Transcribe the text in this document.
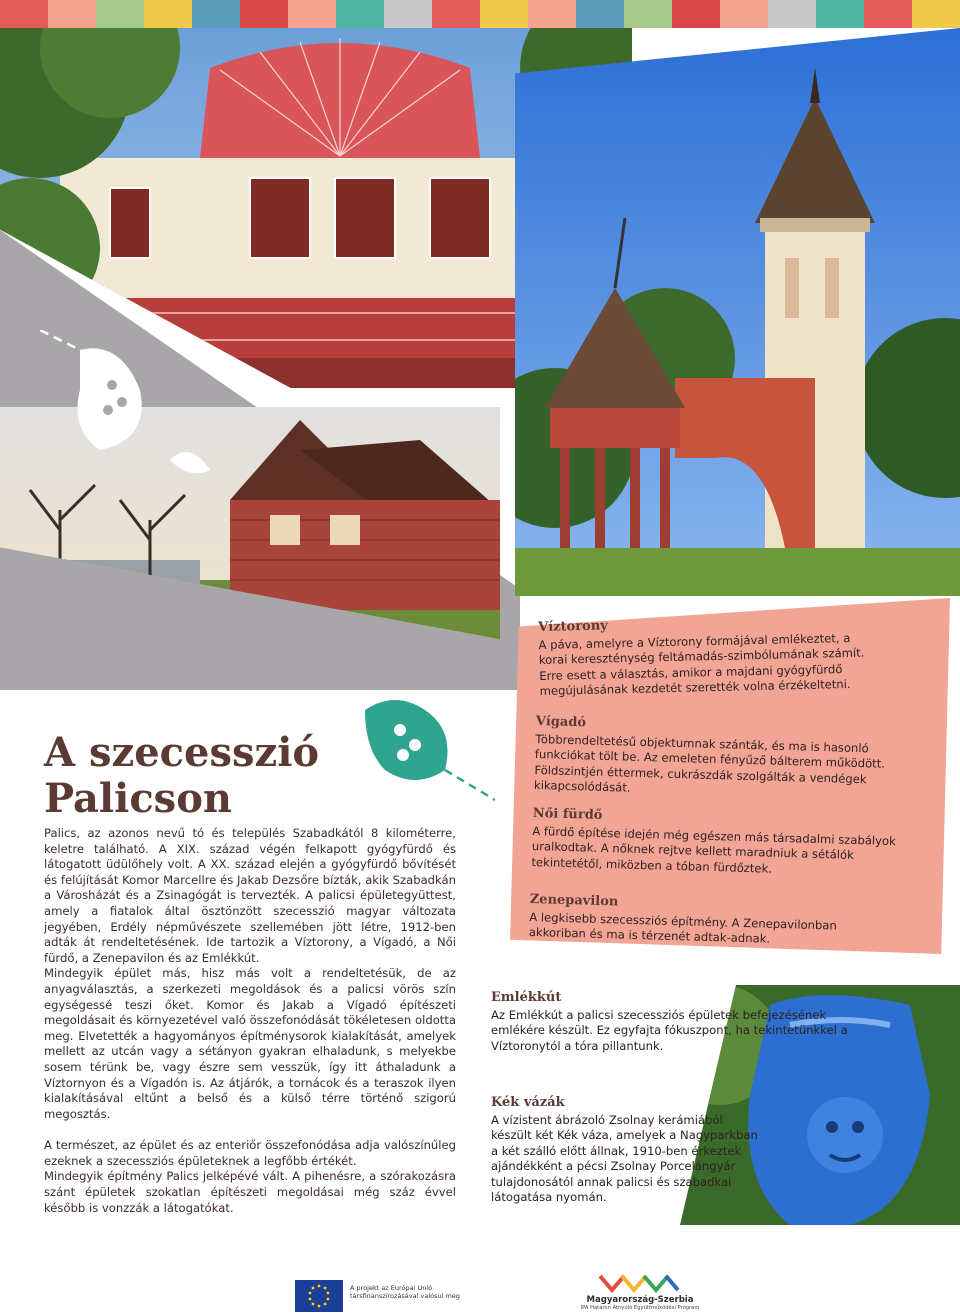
A szecesszió
Palicson

Palics, az azonos nevű tó és település Szabadkától 8 kilométerre, keletre található. A XIX. század végén felkapott gyógyfürdő és látogatott üdülőhely volt. A XX. század elején a gyógyfürdő bővítését és felújítását Komor Marcellre és Jakab Dezsőre bízták, akik Szabadkán a Városházát és a Zsinagógát is tervezték. A palicsi épületegyüttest, amely a fiatalok által ösztönzött szecesszió magyar változata jegyében, Erdély népművészete szellemében jött létre, 1912-ben adták át rendeltetésének. Ide tartozik a Víztorony, a Vígadó, a Női fürdő, a Zenepavilon és az Emlékkút.

Mindegyik épület más, hisz más volt a rendeltetésük, de az anyagválasztás, a szerkezeti megoldások és a palicsi vörös szín egységessé teszi őket. Komor és Jakab a Vígadó építészeti megoldásait és környezetével való összefonódását tökéletesen oldotta meg. Elvetették a hagyományos építménysorok kialakítását, amelyek mellett az utcán vagy a sétányon gyakran elhaladunk, s melyekbe sosem térünk be, vagy észre sem vesszük, így itt áthaladunk a Víztornyon és a Vígadón is. Az átjárók, a tornácok és a teraszok ilyen kialakításával eltűnt a belső és a külső térre történő szigorú megosztás.

A természet, az épület és az enteriőr összefonódása adja valószínűleg ezeknek a szecessziós épületeknek a legfőbb értékét.

Mindegyik építmény Palics jelképévé vált. A pihenésre, a szórakozásra szánt épületek szokatlan építészeti megoldásai még száz évvel később is vonzzák a látogatókat.

Víztorony

A páva, amelyre a Víztorony formájával emlékeztet, a korai kereszténység feltámadás-szimbólumának számít. Erre esett a választás, amikor a majdani gyógyfürdő megújulásának kezdetét szerették volna érzékeltetni.

Vígadó

Többrendeltetésű objektumnak szánták, és ma is hasonló funkciókat tölt be. Az emeleten fényűző bálterem működött. Földszintjén éttermek, cukrászdák szolgálták a vendégek kikapcsolódását.

Női fürdő

A fürdő építése idején még egészen más társadalmi szabályok uralkodtak. A nőknek rejtve kellett maradniuk a sétálók tekintetétől, miközben a tóban fürdőztek.

Zenepavilon

A legkisebb szecessziós építmény. A Zenepavilonban akkoriban és ma is térzenét adtak-adnak.

Emlékkút

Az Emlékkút a palicsi szecessziós épületek befejezésének emlékére készült. Ez egyfajta fókuszpont, ha tekintetünkkel a Víztoronytól a tóra pillantunk.

Kék vázák

A vízistent ábrázoló Zsolnay kerámiából készült két Kék váza, amelyek a Nagyparkban a két szálló előtt állnak, 1910-ben érkeztek ajándékként a pécsi Zsolnay Porcelángyár tulajdonosától annak palicsi és szabadkai látogatása nyomán.

A projekt az Európai Unió társfinanszírozásával valósul meg	Magyarország-Szerbia
IPA Határon Átnyúló Együttműködési Program
